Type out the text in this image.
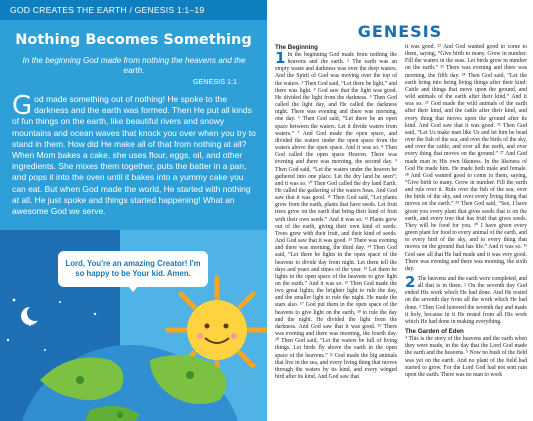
GOD CREATES THE EARTH / GENESIS 1:1–19
Nothing Becomes Something
In the beginning God made from nothing the heavens and the earth.
GENESIS 1:1

God made something out of nothing! He spoke to the darkness and the earth was formed. Then He put all kinds of fun things on the earth, like beautiful rivers and snowy mountains and ocean waves that knock you over when you try to stand in them. How did He make all of that from nothing at all? When Mom bakes a cake, she uses flour, eggs, oil, and other ingredients. She mixes them together, puts the batter in a pan, and pops it into the oven until it bakes into a yummy cake you can eat. But when God made the world, He started with nothing at all. He just spoke and things started happening! What an awesome God we serve.

Lord, You're an amazing Creator! I'm so happy to be Your kid. Amen.
GENESIS
The Beginning

1 In the beginning God made from nothing the heavens and the earth. ² The earth was an empty waste and darkness was over the deep waters. And the Spirit of God was moving over the top of the waters. ³ Then God said, “Let there be light,” and there was light. ⁴ God saw that the light was good. He divided the light from the darkness. ⁵ Then God called the light day, and He called the darkness night. There was evening and there was morning, one day. ⁶ Then God said, “Let there be an open space between the waters. Let it divide waters from waters.” ⁷ And God made the open space, and divided the waters under the open space from the waters above the open space. And it was so. ⁸ Then God called the open space Heaven. There was evening and there was morning, the second day. ⁹ Then God said, “Let the waters under the heaven be gathered into one place. Let the dry land be seen”; and it was so. ¹⁰ Then God called the dry land Earth. He called the gathering of the waters Seas. And God saw that it was good. ¹¹ Then God said, “Let plants grow from the earth, plants that have seeds. Let fruit trees grow on the earth that bring their kind of fruit with their own seeds.” And it was so. ¹² Plants grew out of the earth, giving their own kind of seeds. Trees grew with their fruit, and their kind of seeds. And God saw that it was good. ¹³ There was evening and there was morning, the third day. ¹⁴ Then God said, “Let there be lights in the open space of the heavens to divide day from night. Let them tell the days and years and times of the year. ¹⁵ Let them be lights in the open space of the heavens to give light on the earth.” And it was so. ¹⁶ Then God made the two great lights, the brighter light to rule the day, and the smaller light to rule the night. He made the stars also. ¹⁷ God put them in the open space of the heavens to give light on the earth, ¹⁸ to rule the day and the night. He divided the light from the darkness. And God saw that it was good. ¹⁹ There was evening and there was morning, the fourth day. ²⁰ Then God said, “Let the waters be full of living things. Let birds fly above the earth in the open space of the heavens.” ²¹ God made the big animals that live in the sea, and every living thing that moves through the waters by its kind, and every winged bird after its kind. And God saw that

it was good. ²² And God wanted good to come to them, saying, “Give birth to many. Grow in number. Fill the waters in the seas. Let birds grow in number on the earth.” ²³ There was evening and there was morning, the fifth day. ²⁴ Then God said, “Let the earth bring into being living things after their kind: Cattle and things that move upon the ground, and wild animals of the earth after their kind.” And it was so. ²⁵ God made the wild animals of the earth after their kind, and the cattle after their kind, and every thing that moves upon the ground after its kind. And God saw that it was good. ²⁶ Then God said, “Let Us make man like Us and let him be head over the fish of the sea, and over the birds of the sky, and over the cattle, and over all the earth, and over every thing that moves on the ground.” ²⁷ And God made man in His own likeness. In the likeness of God He made him. He made both male and female. ²⁸ And God wanted good to come to them, saying, “Give birth to many. Grow in number. Fill the earth and rule over it. Rule over the fish of the sea, over the birds of the sky, and over every living thing that moves on the earth.” ²⁹ Then God said, “See, I have given you every plant that gives seeds that is on the earth, and every tree that has fruit that gives seeds. They will be food for you. ³⁰ I have given every green plant for food to every animal of the earth, and to every bird of the sky, and to every thing that moves on the ground that has life.” And it was so. ³¹ God saw all that He had made and it was very good. There was evening and there was morning, the sixth day.

2 The heavens and the earth were completed, and all that is in them. ² On the seventh day God ended His work which He had done. And He rested on the seventh day from all the work which He had done. ³ Then God honored the seventh day and made it holy, because in it He rested from all His work which He had done in making everything.

The Garden of Eden

⁴ This is the story of the heavens and the earth when they were made, in the day that the Lord God made the earth and the heavens. ⁵ Now no bush of the field was yet on the earth. And no plant of the field had started to grow. For the Lord God had not sent rain upon the earth. There was no man to work
